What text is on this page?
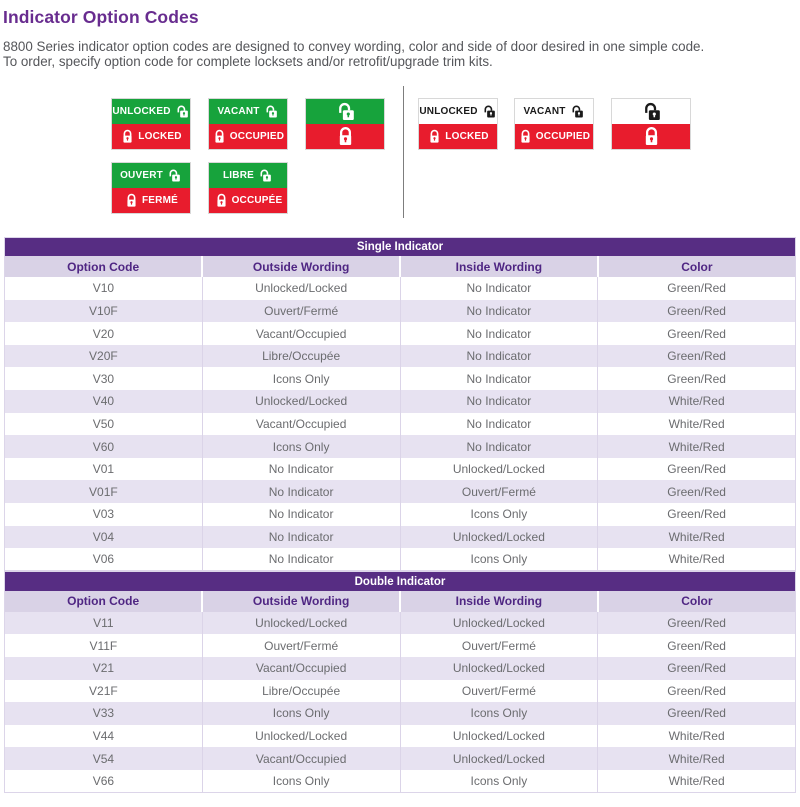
Indicator Option Codes

8800 Series indicator option codes are designed to convey wording, color and side of door desired in one simple code.
To order, specify option code for complete locksets and/or retrofit/upgrade trim kits.

UNLOCKED
LOCKED
VACANT
OCCUPIED
UNLOCKED
LOCKED
VACANT
OCCUPIED
OUVERT
FERMÉ
LIBRE
OCCUPÉE
Single Indicator			
Option Code	Outside Wording	Inside Wording	Color
V10	Unlocked/Locked	No Indicator	Green/Red
V10F	Ouvert/Fermé	No Indicator	Green/Red
V20	Vacant/Occupied	No Indicator	Green/Red
V20F	Libre/Occupée	No Indicator	Green/Red
V30	Icons Only	No Indicator	Green/Red
V40	Unlocked/Locked	No Indicator	White/Red
V50	Vacant/Occupied	No Indicator	White/Red
V60	Icons Only	No Indicator	White/Red
V01	No Indicator	Unlocked/Locked	Green/Red
V01F	No Indicator	Ouvert/Fermé	Green/Red
V03	No Indicator	Icons Only	Green/Red
V04	No Indicator	Unlocked/Locked	White/Red
V06	No Indicator	Icons Only	White/Red
Double Indicator			
Option Code	Outside Wording	Inside Wording	Color
V11	Unlocked/Locked	Unlocked/Locked	Green/Red
V11F	Ouvert/Fermé	Ouvert/Fermé	Green/Red
V21	Vacant/Occupied	Unlocked/Locked	Green/Red
V21F	Libre/Occupée	Ouvert/Fermé	Green/Red
V33	Icons Only	Icons Only	Green/Red
V44	Unlocked/Locked	Unlocked/Locked	White/Red
V54	Vacant/Occupied	Unlocked/Locked	White/Red
V66	Icons Only	Icons Only	White/Red
